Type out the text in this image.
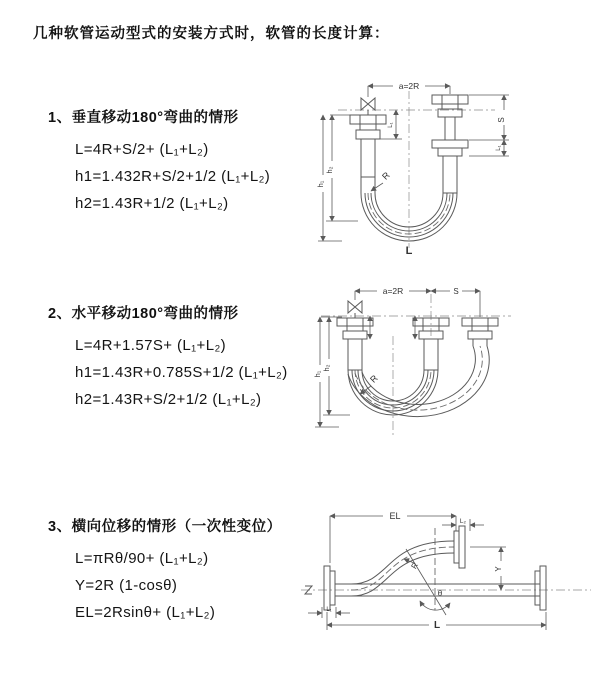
几种软管运动型式的安装方式时，软管的长度计算：
1、垂直移动180°弯曲的情形
L=4R+S/2+ (L₁+L₂)
h1=1.432R+S/2+1/2 (L₁+L₂)
h2=1.43R+1/2 (L₁+L₂)
2、水平移动180°弯曲的情形
L=4R+1.57S+ (L₁+L₂)
h1=1.43R+0.785S+1/2 (L₁+L₂)
h2=1.43R+S/2+1/2 (L₁+L₂)
3、横向位移的情形（一次性变位）
L=πRθ/90+ (L₁+L₂)
Y=2R (1-cosθ)
EL=2Rsinθ+ (L₁+L₂)
a=2R
S
L₁
L₁
h₁
h₂
R
L
a=2R	S
h₁
h₂
R
EL
L₂
Y
L
L₁
R
θ
